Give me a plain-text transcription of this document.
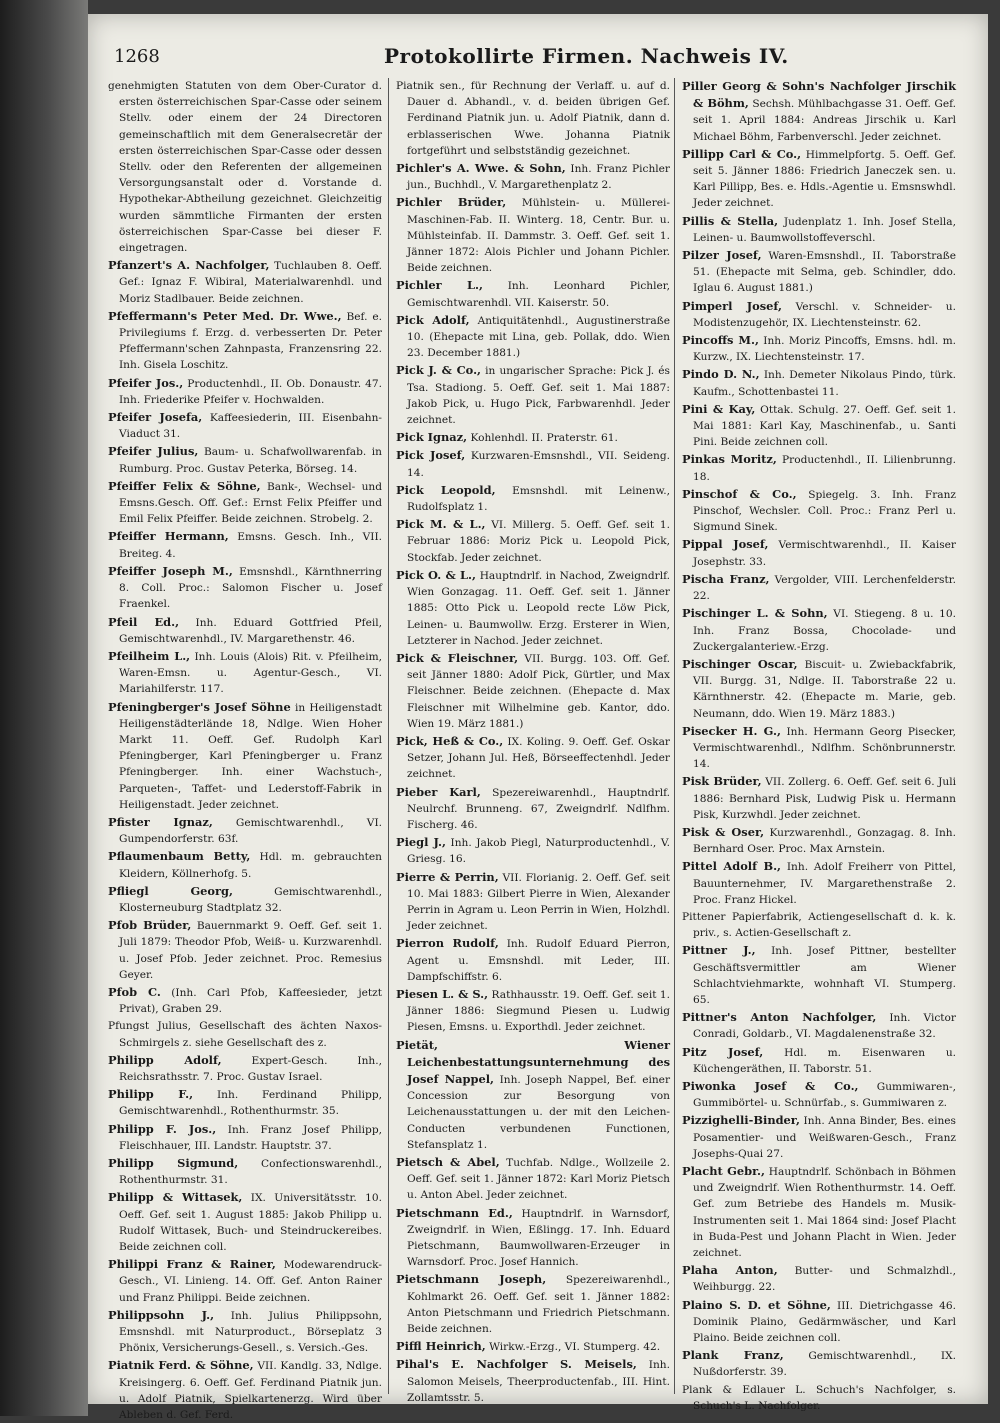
1268	Protokollirte Firmen. Nachweis IV.

genehmigten Statuten von dem Ober-Curator d. ersten österreichischen Spar-Casse oder seinem Stellv. oder einem der 24 Directoren gemeinschaftlich mit dem Generalsecretär der ersten österreichischen Spar-Casse oder dessen Stellv. oder den Referenten der allgemeinen Versorgungsanstalt oder d. Vorstande d. Hypothekar-Abtheilung gezeichnet. Gleichzeitig wurden sämmtliche Firmanten der ersten österreichischen Spar-Casse bei dieser F. eingetragen.

Pfanzert's A. Nachfolger, Tuchlauben 8. Oeff. Gef.: Ignaz F. Wibiral, Materialwarenhdl. und Moriz Stadlbauer. Beide zeichnen.

Pfeffermann's Peter Med. Dr. Wwe., Bef. e. Privilegiums f. Erzg. d. verbesserten Dr. Peter Pfeffermann'schen Zahnpasta, Franzensring 22. Inh. Gisela Loschitz.

Pfeifer Jos., Productenhdl., II. Ob. Donaustr. 47. Inh. Friederike Pfeifer v. Hochwalden.

Pfeifer Josefa, Kaffeesiederin, III. Eisenbahn-Viaduct 31.

Pfeifer Julius, Baum- u. Schafwollwarenfab. in Rumburg. Proc. Gustav Peterka, Börseg. 14.

Pfeiffer Felix & Söhne, Bank-, Wechsel- und Emsns.Gesch. Off. Gef.: Ernst Felix Pfeiffer und Emil Felix Pfeiffer. Beide zeichnen. Strobelg. 2.

Pfeiffer Hermann, Emsns. Gesch. Inh., VII. Breiteg. 4.

Pfeiffer Joseph M., Emsnshdl., Kärnthnerring 8. Coll. Proc.: Salomon Fischer u. Josef Fraenkel.

Pfeil Ed., Inh. Eduard Gottfried Pfeil, Gemischtwarenhdl., IV. Margarethenstr. 46.

Pfeilheim L., Inh. Louis (Alois) Rit. v. Pfeilheim, Waren-Emsn. u. Agentur-Gesch., VI. Mariahilferstr. 117.

Pfeningberger's Josef Söhne in Heiligenstadt Heiligenstädterlände 18, Ndlge. Wien Hoher Markt 11. Oeff. Gef. Rudolph Karl Pfeningberger, Karl Pfeningberger u. Franz Pfeningberger. Inh. einer Wachstuch-, Parqueten-, Taffet- und Lederstoff-Fabrik in Heiligenstadt. Jeder zeichnet.

Pfister Ignaz, Gemischtwarenhdl., VI. Gumpendorferstr. 63f.

Pflaumenbaum Betty, Hdl. m. gebrauchten Kleidern, Köllnerhofg. 5.

Pfliegl Georg,	Gemischtwarenhdl., Klosterneuburg Stadtplatz 32.

Pfob Brüder, Bauernmarkt 9. Oeff. Gef. seit 1. Juli 1879: Theodor Pfob, Weiß- u. Kurzwarenhdl. u. Josef Pfob. Jeder zeichnet. Proc. Remesius Geyer.

Pfob C. (Inh. Carl Pfob, Kaffeesieder, jetzt Privat), Graben 29.

Pfungst Julius, Gesellschaft des ächten Naxos-Schmirgels z. siehe Gesellschaft des z.

Philipp Adolf,	Expert-Gesch. Inh., Reichsrathsstr. 7. Proc. Gustav Israel.

Philipp F., Inh. Ferdinand Philipp, Gemischtwarenhdl., Rothenthurmstr. 35.

Philipp F. Jos., Inh. Franz Josef Philipp, Fleischhauer, III. Landstr. Hauptstr. 37.

Philipp Sigmund, Confectionswarenhdl., Rothenthurmstr. 31.

Philipp & Wittasek, IX. Universitätsstr. 10. Oeff. Gef. seit 1. August 1885: Jakob Philipp u. Rudolf Wittasek, Buch- und Steindruckereibes. Beide zeichnen coll.

Philippi Franz & Rainer, Modewarendruck-Gesch., VI. Linieng. 14. Off. Gef. Anton Rainer und Franz Philippi. Beide zeichnen.

Philippsohn J., Inh. Julius Philippsohn, Emsnshdl. mit Naturproduct., Börseplatz 3 Phönix, Versicherungs-Gesell., s. Versich.-Ges.

Piatnik Ferd. & Söhne, VII. Kandlg. 33, Ndlge. Kreisingerg. 6. Oeff. Gef. Ferdinand Piatnik jun. u. Adolf Piatnik, Spielkartenerzg. Wird über Ableben d. Gef. Ferd.

Piatnik sen., für Rechnung der Verlaff. u. auf d. Dauer d. Abhandl., v. d. beiden übrigen Gef. Ferdinand Piatnik jun. u. Adolf Piatnik, dann d. erblasserischen Wwe. Johanna Piatnik fortgeführt und selbstständig gezeichnet.

Pichler's A. Wwe. & Sohn, Inh. Franz Pichler jun., Buchhdl., V. Margarethenplatz 2.

Pichler Brüder, Mühlstein- u. Müllerei-Maschinen-Fab. II. Winterg. 18, Centr. Bur. u. Mühlsteinfab. II. Dammstr. 3. Oeff. Gef. seit 1. Jänner 1872: Alois Pichler und Johann Pichler. Beide zeichnen.

Pichler L., Inh. Leonhard Pichler, Gemischtwarenhdl. VII. Kaiserstr. 50.

Pick Adolf, Antiquitätenhdl., Augustinerstraße 10. (Ehepacte mit Lina, geb. Pollak, ddo. Wien 23. December 1881.)

Pick J. & Co., in ungarischer Sprache: Pick J. és Tsa. Stadiong. 5. Oeff. Gef. seit 1. Mai 1887: Jakob Pick, u. Hugo Pick, Farbwarenhdl. Jeder zeichnet.

Pick Ignaz, Kohlenhdl. II. Praterstr. 61.

Pick Josef, Kurzwaren-Emsnshdl., VII. Seideng. 14.

Pick Leopold, Emsnshdl. mit Leinenw., Rudolfsplatz 1.

Pick M. & L., VI. Millerg. 5. Oeff. Gef. seit 1. Februar 1886: Moriz Pick u. Leopold Pick, Stockfab. Jeder zeichnet.

Pick O. & L., Hauptndrlf. in Nachod, Zweigndrlf. Wien Gonzagag. 11. Oeff. Gef. seit 1. Jänner 1885: Otto Pick u. Leopold recte Löw Pick, Leinen- u. Baumwollw. Erzg. Ersterer in Wien, Letzterer in Nachod. Jeder zeichnet.

Pick & Fleischner, VII. Burgg. 103. Off. Gef. seit Jänner 1880: Adolf Pick, Gürtler, und Max Fleischner. Beide zeichnen. (Ehepacte d. Max Fleischner mit Wilhelmine geb. Kantor, ddo. Wien 19. März 1881.)

Pick, Heß & Co., IX. Koling. 9. Oeff. Gef. Oskar Setzer, Johann Jul. Heß, Börseeffectenhdl. Jeder zeichnet.

Pieber Karl, Spezereiwarenhdl., Hauptndrlf. Neulrchf. Brunneng. 67, Zweigndrlf. Ndlfhm. Fischerg. 46.

Piegl J., Inh. Jakob Piegl, Naturproductenhdl., V. Griesg. 16.

Pierre & Perrin, VII. Florianig. 2. Oeff. Gef. seit 10. Mai 1883: Gilbert Pierre in Wien, Alexander Perrin in Agram u. Leon Perrin in Wien, Holzhdl. Jeder zeichnet.

Pierron Rudolf, Inh. Rudolf Eduard Pierron, Agent u. Emsnshdl. mit Leder, III. Dampfschiffstr. 6.

Piesen L. & S., Rathhausstr. 19. Oeff. Gef. seit 1. Jänner 1886: Siegmund Piesen u. Ludwig Piesen, Emsns. u. Exporthdl. Jeder zeichnet.

Pietät, Wiener Leichenbestattungsunternehmung des Josef Nappel, Inh. Joseph Nappel, Bef. einer Concession zur Besorgung von Leichenausstattungen u. der mit den Leichen-Conducten verbundenen Functionen, Stefansplatz 1.

Pietsch & Abel, Tuchfab. Ndlge., Wollzeile 2. Oeff. Gef. seit 1. Jänner 1872: Karl Moriz Pietsch u. Anton Abel. Jeder zeichnet.

Pietschmann Ed., Hauptndrlf. in Warnsdorf, Zweigndrlf. in Wien, Eßlingg. 17. Inh. Eduard Pietschmann, Baumwollwaren-Erzeuger in Warnsdorf. Proc. Josef Hannich.

Pietschmann Joseph, Spezereiwarenhdl., Kohlmarkt 26. Oeff. Gef. seit 1. Jänner 1882: Anton Pietschmann und Friedrich Pietschmann. Beide zeichnen.

Piffl Heinrich, Wirkw.-Erzg., VI. Stumperg. 42.

Pihal's E. Nachfolger S. Meisels, Inh. Salomon Meisels, Theerproductenfab., III. Hint. Zollamtsstr. 5.

Piller Georg & Sohn's Nachfolger Jirschik & Böhm, Sechsh. Mühlbachgasse 31. Oeff. Gef. seit 1. April 1884: Andreas Jirschik u. Karl Michael Böhm, Farbenverschl. Jeder zeichnet.

Pillipp Carl & Co., Himmelpfortg. 5. Oeff. Gef. seit 5. Jänner 1886: Friedrich Janeczek sen. u. Karl Pillipp, Bes. e. Hdls.-Agentie u. Emsnswhdl. Jeder zeichnet.

Pillis & Stella, Judenplatz 1. Inh. Josef Stella, Leinen- u. Baumwollstoffeverschl.

Pilzer Josef, Waren-Emsnshdl., II. Taborstraße 51. (Ehepacte mit Selma, geb. Schindler, ddo. Iglau 6. August 1881.)

Pimperl Josef, Verschl. v. Schneider- u. Modistenzugehör, IX. Liechtensteinstr. 62.

Pincoffs M., Inh. Moriz Pincoffs, Emsns. hdl. m. Kurzw., IX. Liechtensteinstr. 17.

Pindo D. N., Inh. Demeter Nikolaus Pindo, türk. Kaufm., Schottenbastei 11.

Pini & Kay, Ottak. Schulg. 27. Oeff. Gef. seit 1. Mai 1881: Karl Kay, Maschinenfab., u. Santi Pini. Beide zeichnen coll.

Pinkas Moritz, Productenhdl., II. Lilienbrunng. 18.

Pinschof & Co., Spiegelg. 3. Inh. Franz Pinschof, Wechsler. Coll. Proc.: Franz Perl u. Sigmund Sinek.

Pippal Josef, Vermischtwarenhdl., II. Kaiser Josephstr. 33.

Pischa Franz, Vergolder, VIII. Lerchenfelderstr. 22.

Pischinger L. & Sohn, VI. Stiegeng. 8 u. 10. Inh. Franz Bossa, Chocolade- und Zuckergalanteriew.-Erzg.

Pischinger Oscar, Biscuit- u. Zwiebackfabrik, VII. Burgg. 31, Ndlge. II. Taborstraße 22 u. Kärnthnerstr. 42. (Ehepacte m. Marie, geb. Neumann, ddo. Wien 19. März 1883.)

Pisecker H. G., Inh. Hermann Georg Pisecker, Vermischtwarenhdl., Ndlfhm. Schönbrunnerstr. 14.

Pisk Brüder, VII. Zollerg. 6. Oeff. Gef. seit 6. Juli 1886: Bernhard Pisk, Ludwig Pisk u. Hermann Pisk, Kurzwhdl. Jeder zeichnet.

Pisk & Oser, Kurzwarenhdl., Gonzagag. 8. Inh. Bernhard Oser. Proc. Max Arnstein.

Pittel Adolf B., Inh. Adolf Freiherr von Pittel, Bauunternehmer, IV. Margarethenstraße 2. Proc. Franz Hickel.

Pittener Papierfabrik, Actiengesellschaft d. k. k. priv., s. Actien-Gesellschaft z.

Pittner J., Inh. Josef Pittner, bestellter Geschäftsvermittler am Wiener Schlachtviehmarkte, wohnhaft VI. Stumperg. 65.

Pittner's Anton Nachfolger, Inh. Victor Conradi, Goldarb., VI. Magdalenenstraße 32.

Pitz Josef, Hdl. m. Eisenwaren u. Küchengeräthen, II. Taborstr. 51.

Piwonka Josef & Co., Gummiwaren-, Gummibörtel- u. Schnürfab., s. Gummiwaren z.

Pizzighelli-Binder, Inh. Anna Binder, Bes. eines Posamentier- und Weißwaren-Gesch., Franz Josephs-Quai 27.

Placht Gebr., Hauptndrlf. Schönbach in Böhmen und Zweigndrlf. Wien Rothenthurmstr. 14. Oeff. Gef. zum Betriebe des Handels m. Musik-Instrumenten seit 1. Mai 1864 sind: Josef Placht in Buda-Pest und Johann Placht in Wien. Jeder zeichnet.

Plaha Anton, Butter- und Schmalzhdl., Weihburgg. 22.

Plaino S. D. et Söhne, III. Dietrichgasse 46. Dominik Plaino, Gedärmwäscher, und Karl Plaino. Beide zeichnen coll.

Plank Franz, Gemischtwarenhdl., IX. Nußdorferstr. 39.

Plank & Edlauer L. Schuch's Nachfolger, s. Schuch's L. Nachfolger.
